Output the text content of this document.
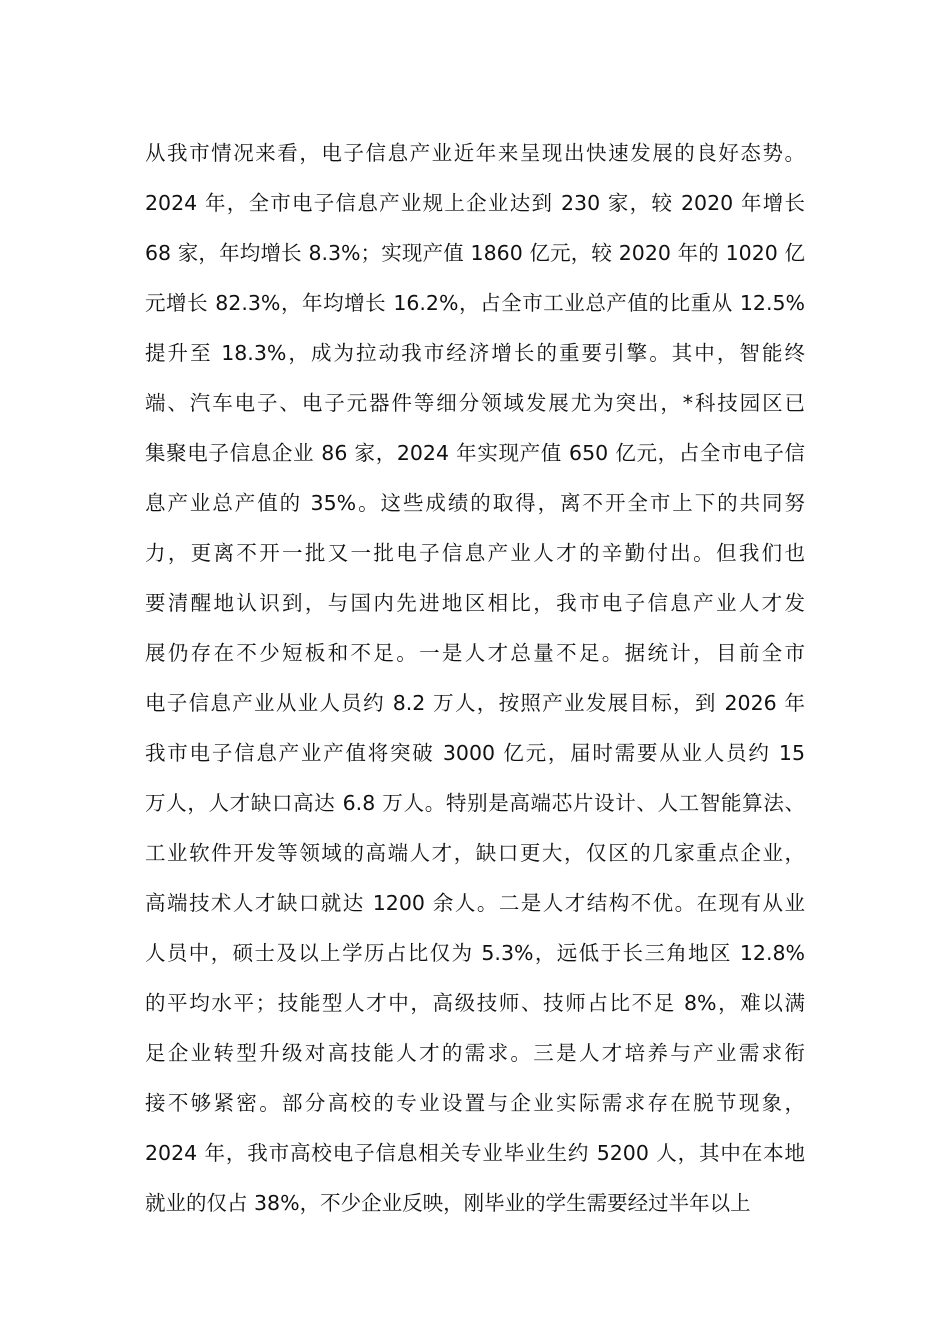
从我市情况来看，电子信息产业近年来呈现出快速发展的良好态势。
2024 年，全市电子信息产业规上企业达到 230 家，较 2020 年增长
68 家，年均增长 8.3%；实现产值 1860 亿元，较 2020 年的 1020 亿
元增长 82.3%，年均增长 16.2%，占全市工业总产值的比重从 12.5%
提升至 18.3%，成为拉动我市经济增长的重要引擎。其中，智能终
端、汽车电子、电子元器件等细分领域发展尤为突出，*科技园区已
集聚电子信息企业 86 家，2024 年实现产值 650 亿元，占全市电子信
息产业总产值的 35%。这些成绩的取得，离不开全市上下的共同努
力，更离不开一批又一批电子信息产业人才的辛勤付出。但我们也
要清醒地认识到，与国内先进地区相比，我市电子信息产业人才发
展仍存在不少短板和不足。一是人才总量不足。据统计，目前全市
电子信息产业从业人员约 8.2 万人，按照产业发展目标，到 2026 年
我市电子信息产业产值将突破 3000 亿元，届时需要从业人员约 15
万人，人才缺口高达 6.8 万人。特别是高端芯片设计、人工智能算法、
工业软件开发等领域的高端人才，缺口更大，仅区的几家重点企业，
高端技术人才缺口就达 1200 余人。二是人才结构不优。在现有从业
人员中，硕士及以上学历占比仅为 5.3%，远低于长三角地区 12.8%
的平均水平；技能型人才中，高级技师、技师占比不足 8%，难以满
足企业转型升级对高技能人才的需求。三是人才培养与产业需求衔
接不够紧密。部分高校的专业设置与企业实际需求存在脱节现象，
2024 年，我市高校电子信息相关专业毕业生约 5200 人，其中在本地
就业的仅占 38%，不少企业反映，刚毕业的学生需要经过半年以上
